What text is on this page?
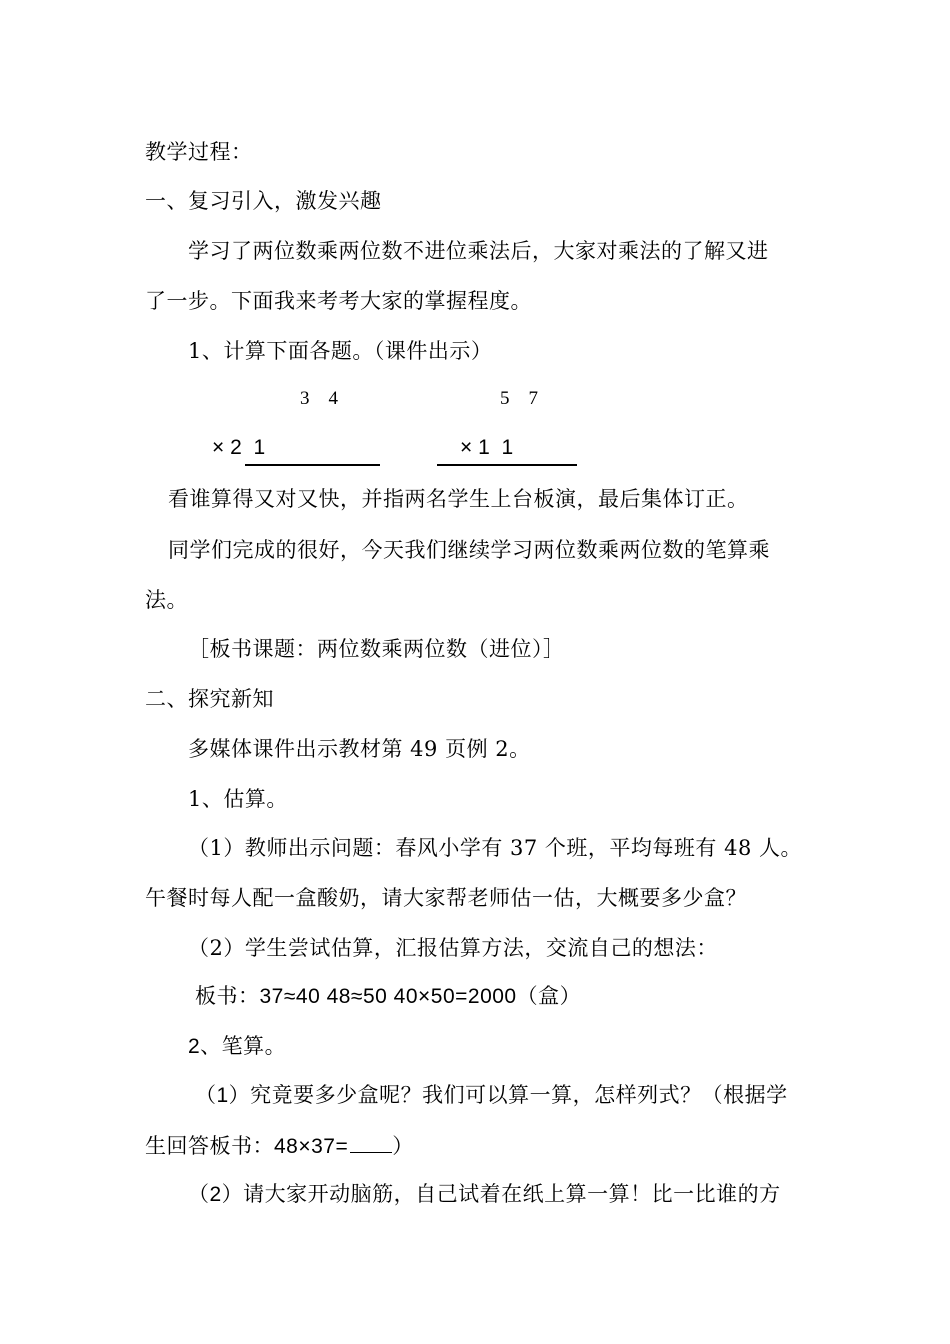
教学过程：
一、复习引入，激发兴趣
学习了两位数乘两位数不进位乘法后，大家对乘法的了解又进
了一步。下面我来考考大家的掌握程度。
1、计算下面各题。（课件出示）
3    4
× 2  1
5    7
× 1  1
看谁算得又对又快，并指两名学生上台板演，最后集体订正。
同学们完成的很好，今天我们继续学习两位数乘两位数的笔算乘
法。
［板书课题：两位数乘两位数（进位）］
二、探究新知
多媒体课件出示教材第 49 页例 2。
1、估算。
（1）教师出示问题：春风小学有 37 个班，平均每班有 48 人。
午餐时每人配一盒酸奶，请大家帮老师估一估，大概要多少盒？
（2）学生尝试估算，汇报估算方法，交流自己的想法：
板书：37≈40 48≈50 40×50=2000（盒）
2、笔算。
（1）究竟要多少盒呢？我们可以算一算，怎样列式？（根据学
生回答板书：48×37= ）
（2）请大家开动脑筋，自己试着在纸上算一算！比一比谁的方
